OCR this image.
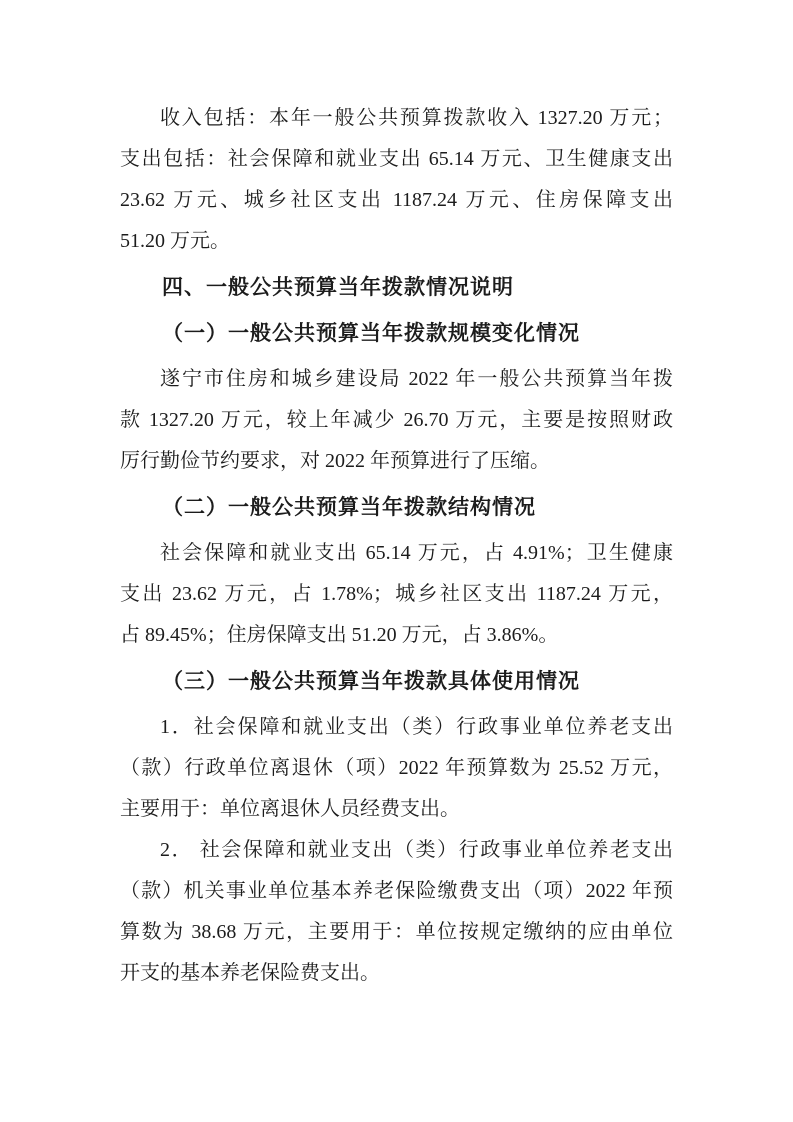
收入包括：本年一般公共预算拨款收入 1327.20 万元；
支出包括：社会保障和就业支出 65.14 万元、卫生健康支出
23.62 万元、城乡社区支出 1187.24 万元、住房保障支出
51.20 万元。
四、一般公共预算当年拨款情况说明
（一）一般公共预算当年拨款规模变化情况
遂宁市住房和城乡建设局 2022 年一般公共预算当年拨
款 1327.20 万元，较上年减少 26.70 万元，主要是按照财政
厉行勤俭节约要求，对 2022 年预算进行了压缩。
（二）一般公共预算当年拨款结构情况
社会保障和就业支出 65.14 万元，占 4.91%；卫生健康
支出 23.62 万元，占 1.78%；城乡社区支出 1187.24 万元，
占 89.45%；住房保障支出 51.20 万元，占 3.86%。
（三）一般公共预算当年拨款具体使用情况
1．社会保障和就业支出（类）行政事业单位养老支出
（款）行政单位离退休（项）2022 年预算数为 25.52 万元，
主要用于：单位离退休人员经费支出。
2． 社会保障和就业支出（类）行政事业单位养老支出
（款）机关事业单位基本养老保险缴费支出（项）2022 年预
算数为 38.68 万元，主要用于：单位按规定缴纳的应由单位
开支的基本养老保险费支出。
